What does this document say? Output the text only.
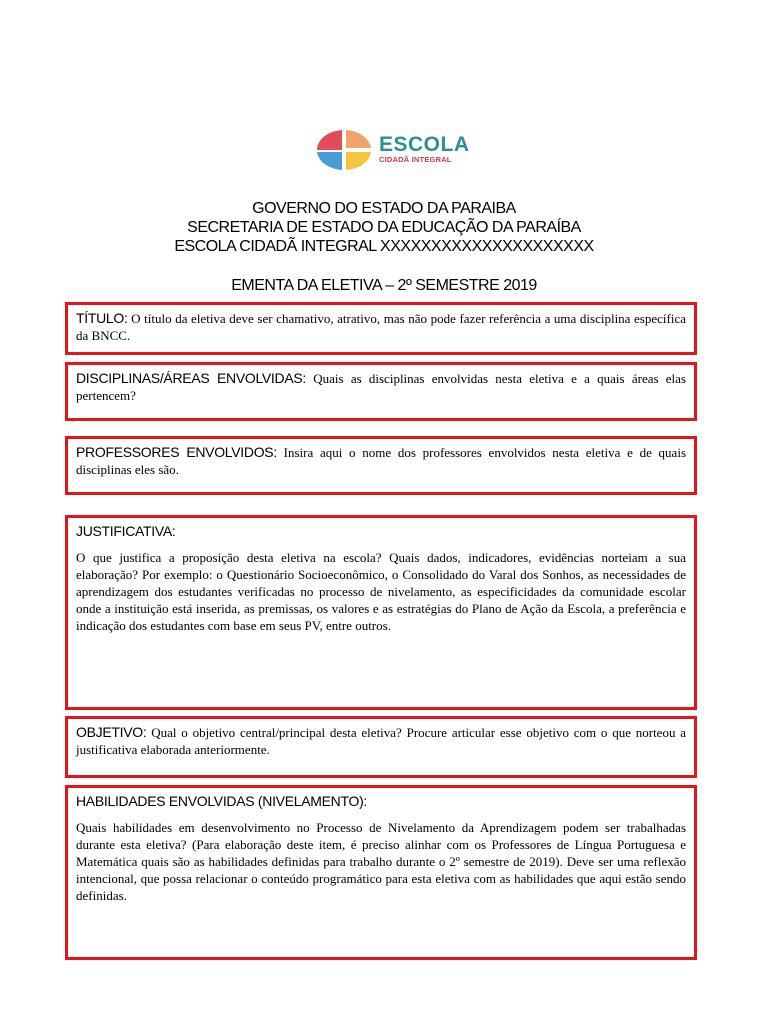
ESCOLA
CIDADÃ INTEGRAL
GOVERNO DO ESTADO DA PARAIBA
SECRETARIA DE ESTADO DA EDUCAÇÃO DA PARAÍBA
ESCOLA CIDADÃ INTEGRAL XXXXXXXXXXXXXXXXXXXXX
EMENTA DA ELETIVA – 2º SEMESTRE 2019
TÍTULO: O título da eletiva deve ser chamativo, atrativo, mas não pode fazer referência a uma disciplina específica da BNCC.
DISCIPLINAS/ÁREAS ENVOLVIDAS: Quais as disciplinas envolvidas nesta eletiva e a quais áreas elas pertencem?
PROFESSORES ENVOLVIDOS: Insira aqui o nome dos professores envolvidos nesta eletiva e de quais disciplinas eles são.
JUSTIFICATIVA:
O que justifica a proposição desta eletiva na escola? Quais dados, indicadores, evidências norteiam a sua elaboração? Por exemplo: o Questionário Socioeconômico, o Consolidado do Varal dos Sonhos, as necessidades de aprendizagem dos estudantes verificadas no processo de nivelamento, as especificidades da comunidade escolar onde a instituição está inserida, as premissas, os valores e as estratégias do Plano de Ação da Escola, a preferência e indicação dos estudantes com base em seus PV, entre outros.
OBJETIVO: Qual o objetivo central/principal desta eletiva? Procure articular esse objetivo com o que norteou a justificativa elaborada anteriormente.
HABILIDADES ENVOLVIDAS (NIVELAMENTO):
Quais habilidades em desenvolvimento no Processo de Nivelamento da Aprendizagem podem ser trabalhadas durante esta eletiva? (Para elaboração deste item, é preciso alinhar com os Professores de Língua Portuguesa e Matemática quais são as habilidades definidas para trabalho durante o 2º semestre de 2019). Deve ser uma reflexão intencional, que possa relacionar o conteúdo programático para esta eletiva com as habilidades que aqui estão sendo definidas.
